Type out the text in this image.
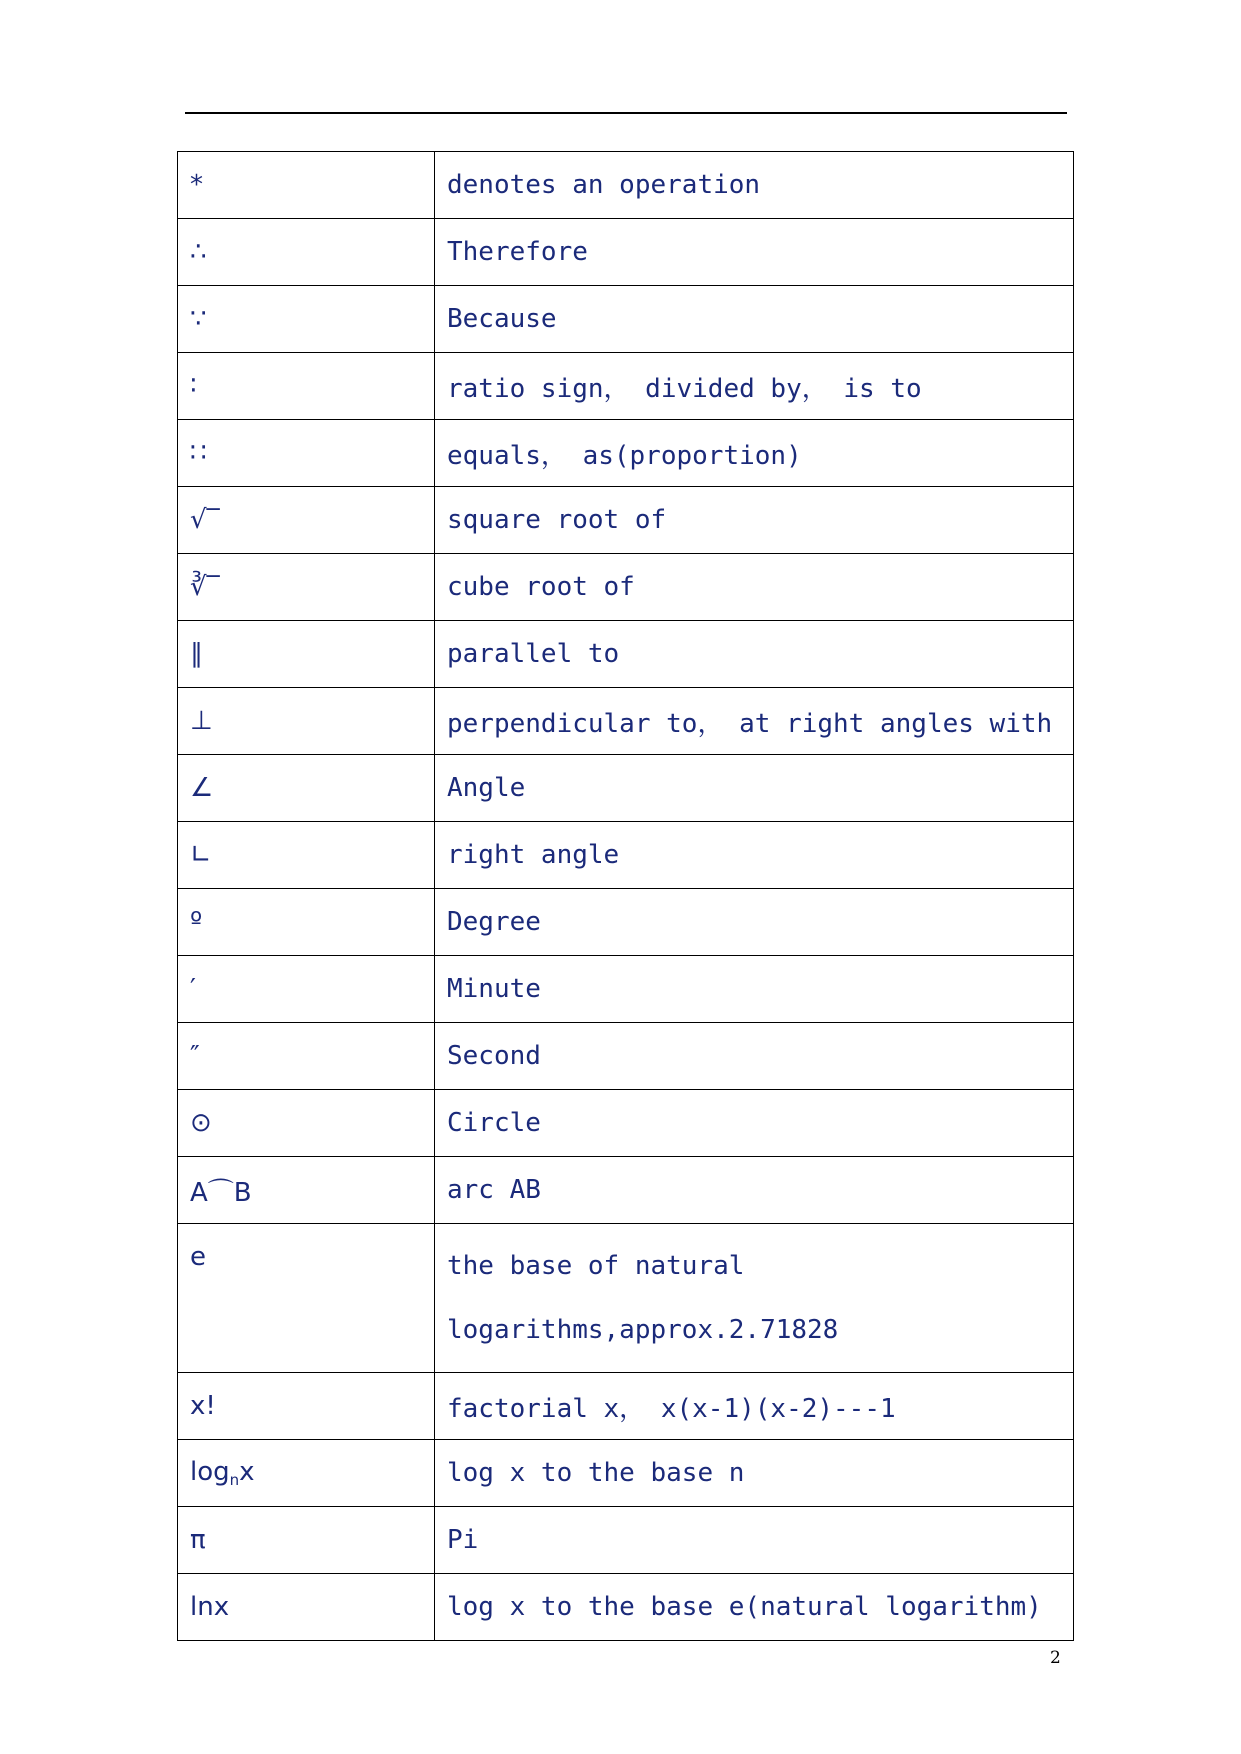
*	denotes an operation
∴	Therefore
∵	Because
∶	ratio sign， divided by， is to
∷	equals， as(proportion)
√‾	square root of
∛‾	cube root of
∥	parallel to
⊥	perpendicular to， at right angles with
∠	Angle
∟	right angle
º	Degree
′	Minute
″	Second
⊙	Circle
A⌒B	arc AB
e	the base of natural
logarithms,approx.2.71828

x!	factorial x， x(x-1)(x-2)---1
$\log_nx$	log x to the base n
π	Pi
lnx	log x to the base e(natural logarithm)
2
